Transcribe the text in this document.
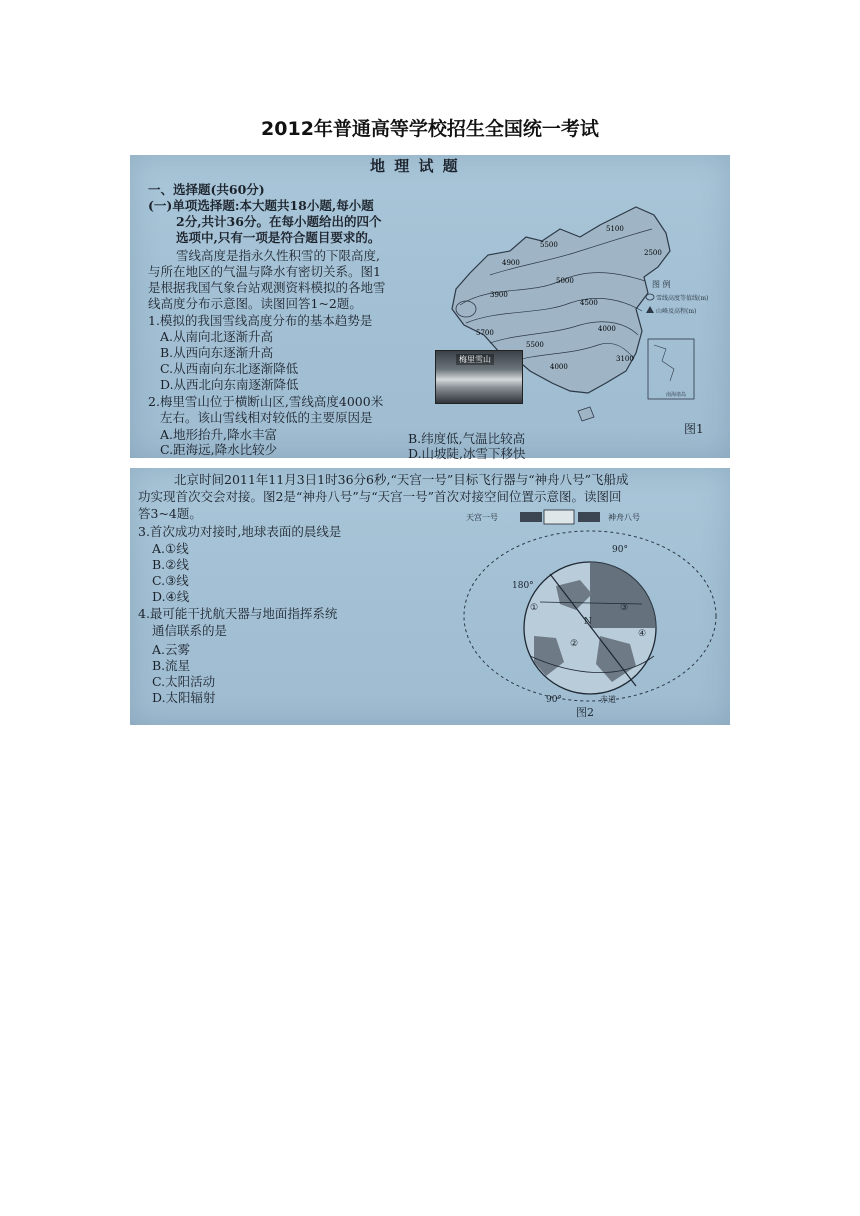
2012年普通高等学校招生全国统一考试
地 理 试 题
一、选择题(共60分)
(一)单项选择题:本大题共18小题,每小题
2分,共计36分。在每小题给出的四个
选项中,只有一项是符合题目要求的。
雪线高度是指永久性积雪的下限高度,
与所在地区的气温与降水有密切关系。图1
是根据我国气象台站观测资料模拟的各地雪
线高度分布示意图。读图回答1~2题。
1.模拟的我国雪线高度分布的基本趋势是
A.从南向北逐渐升高
B.从西向东逐渐升高
C.从西南向东北逐渐降低
D.从西北向东南逐渐降低
2.梅里雪山位于横断山区,雪线高度4000米
左右。该山雪线相对较低的主要原因是
A.地形抬升,降水丰富	B.纬度低,气温比较高
C.距海远,降水比较少	D.山坡陡,冰雪下移快
5100
5500
5000
4500
4000
3900
5700
5500
3100
2500
4900
4000
图 例
雪线高度等值线(m)
山峰及高程(m)
南海诸岛
图1
梅里雪山
北京时间2011年11月3日1时36分6秒,“天宫一号”目标飞行器与“神舟八号”飞船成
功实现首次交会对接。图2是“神舟八号”与“天宫一号”首次对接空间位置示意图。读图回
答3~4题。
3.首次成功对接时,地球表面的晨线是
A.①线
B.②线
C.③线
D.④线
4.最可能干扰航天器与地面指挥系统
通信联系的是
A.云雾
B.流星
C.太阳活动
D.太阳辐射
天宫一号	神舟八号
90°
180°
90°	赤道
N
①
②
③
④
图2
